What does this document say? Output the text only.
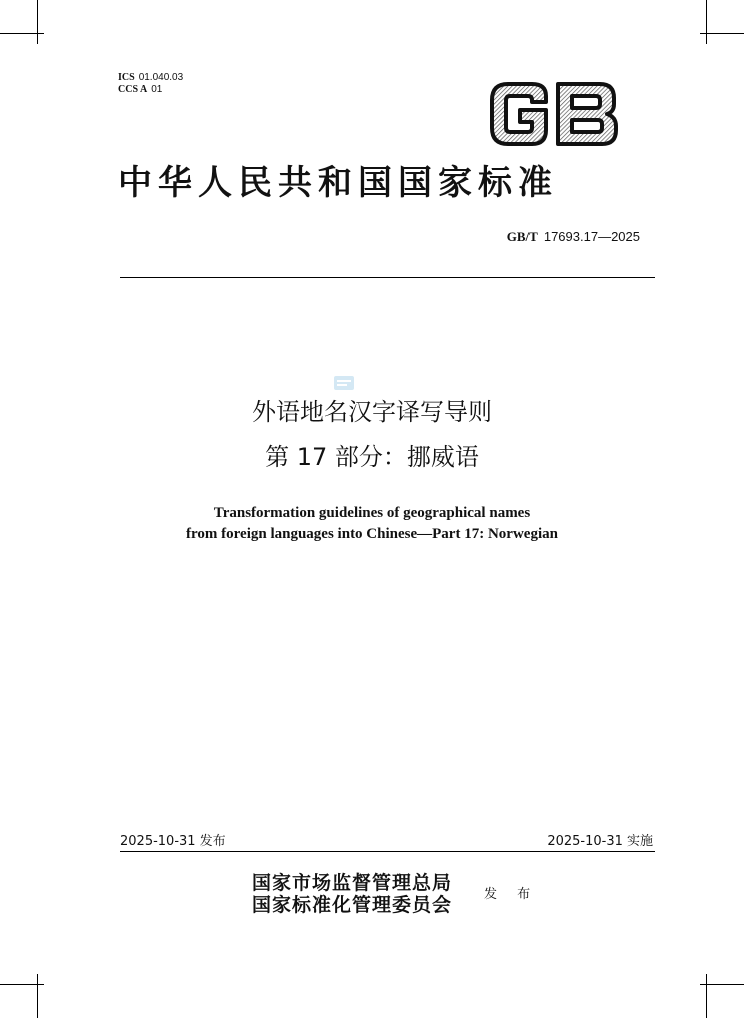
ICS 01.040.03
CCS A 01
中华人民共和国国家标准
GB/T 17693.17—2025
外语地名汉字译写导则
第 17 部分：挪威语
Transformation guidelines of geographical names
from foreign languages into Chinese—Part 17: Norwegian
2025-10-31 发布	2025-10-31 实施
国家市场监督管理总局
国家标准化管理委员会 发 布
